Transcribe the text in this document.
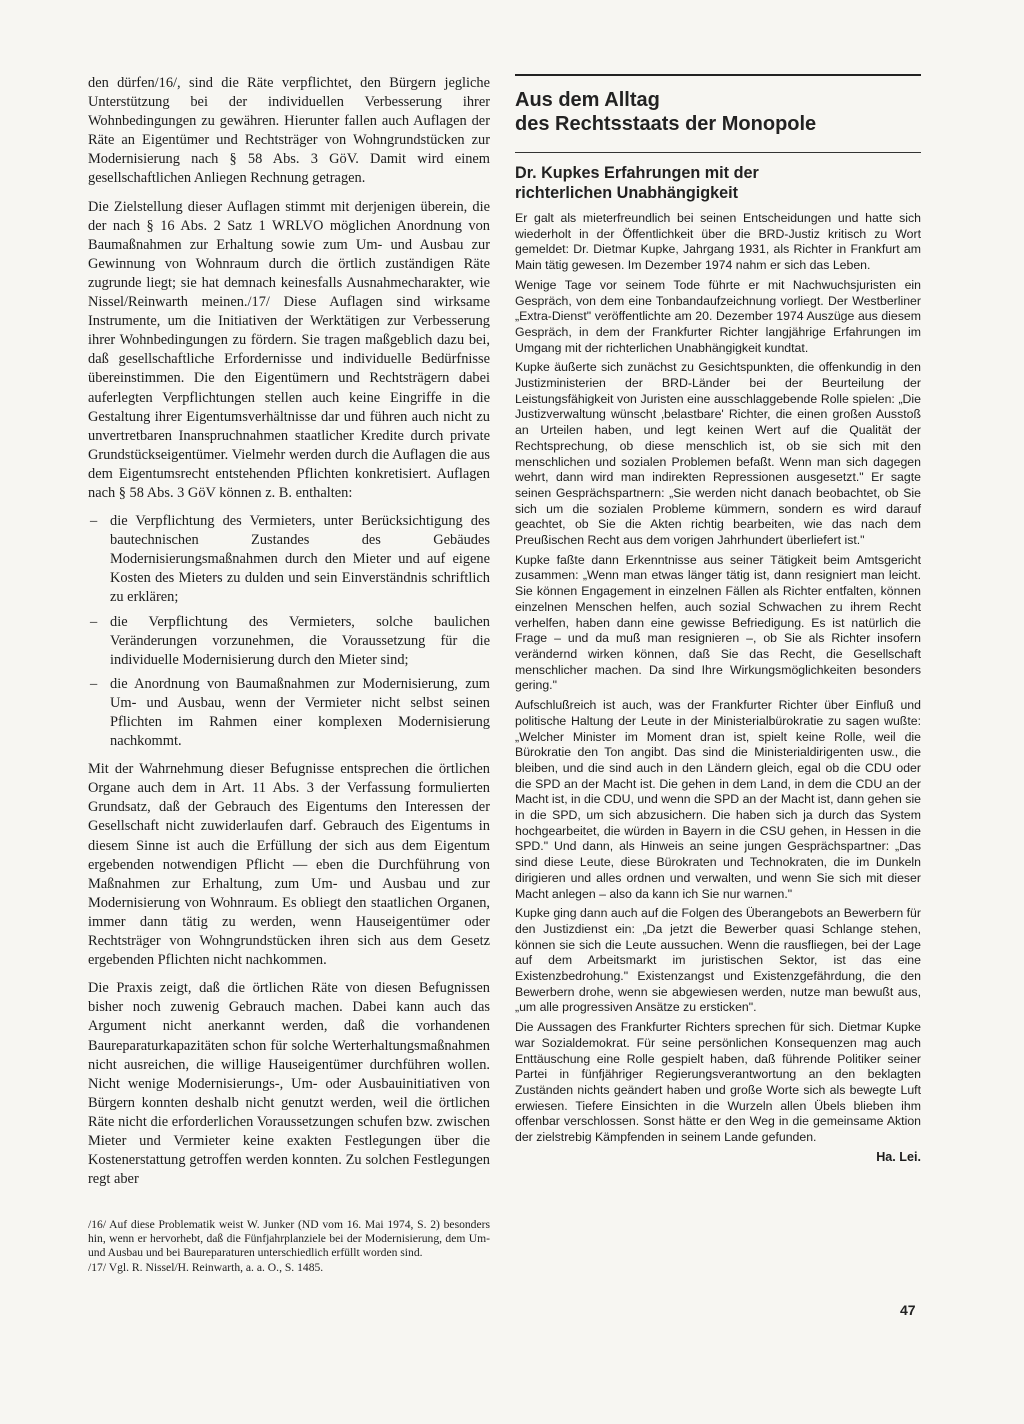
den dürfen/16/, sind die Räte verpflichtet, den Bürgern jegliche Unterstützung bei der individuellen Verbesserung ihrer Wohnbedingungen zu gewähren. Hierunter fallen auch Auflagen der Räte an Eigentümer und Rechtsträger von Wohngrundstücken zur Modernisierung nach § 58 Abs. 3 GöV. Damit wird einem gesellschaftlichen Anliegen Rechnung getragen.

Die Zielstellung dieser Auflagen stimmt mit derjenigen überein, die der nach § 16 Abs. 2 Satz 1 WRLVO möglichen Anordnung von Baumaßnahmen zur Erhaltung sowie zum Um- und Ausbau zur Gewinnung von Wohnraum durch die örtlich zuständigen Räte zugrunde liegt; sie hat demnach keinesfalls Ausnahmecharakter, wie Nissel/Reinwarth meinen./17/ Diese Auflagen sind wirksame Instrumente, um die Initiativen der Werktätigen zur Verbesserung ihrer Wohnbedingungen zu fördern. Sie tragen maßgeblich dazu bei, daß gesellschaftliche Erfordernisse und individuelle Bedürfnisse übereinstimmen. Die den Eigentümern und Rechtsträgern dabei auferlegten Verpflichtungen stellen auch keine Eingriffe in die Gestaltung ihrer Eigentumsverhältnisse dar und führen auch nicht zu unvertretbaren Inanspruchnahmen staatlicher Kredite durch private Grundstückseigentümer. Vielmehr werden durch die Auflagen die aus dem Eigentumsrecht entstehenden Pflichten konkretisiert. Auflagen nach § 58 Abs. 3 GöV können z. B. enthalten:

– die Verpflichtung des Vermieters, unter Berücksichtigung des bautechnischen Zustandes des Gebäudes Modernisierungsmaßnahmen durch den Mieter und auf eigene Kosten des Mieters zu dulden und sein Einverständnis schriftlich zu erklären;
– die Verpflichtung des Vermieters, solche baulichen Veränderungen vorzunehmen, die Voraussetzung für die individuelle Modernisierung durch den Mieter sind;
– die Anordnung von Baumaßnahmen zur Modernisierung, zum Um- und Ausbau, wenn der Vermieter nicht selbst seinen Pflichten im Rahmen einer komplexen Modernisierung nachkommt.

Mit der Wahrnehmung dieser Befugnisse entsprechen die örtlichen Organe auch dem in Art. 11 Abs. 3 der Verfassung formulierten Grundsatz, daß der Gebrauch des Eigentums den Interessen der Gesellschaft nicht zuwiderlaufen darf. Gebrauch des Eigentums in diesem Sinne ist auch die Erfüllung der sich aus dem Eigentum ergebenden notwendigen Pflicht — eben die Durchführung von Maßnahmen zur Erhaltung, zum Um- und Ausbau und zur Modernisierung von Wohnraum. Es obliegt den staatlichen Organen, immer dann tätig zu werden, wenn Hauseigentümer oder Rechtsträger von Wohngrundstücken ihren sich aus dem Gesetz ergebenden Pflichten nicht nachkommen.

Die Praxis zeigt, daß die örtlichen Räte von diesen Befugnissen bisher noch zuwenig Gebrauch machen. Dabei kann auch das Argument nicht anerkannt werden, daß die vorhandenen Baureparaturkapazitäten schon für solche Werterhaltungsmaßnahmen nicht ausreichen, die willige Hauseigentümer durchführen wollen. Nicht wenige Modernisierungs-, Um- oder Ausbauinitiativen von Bürgern konnten deshalb nicht genutzt werden, weil die örtlichen Räte nicht die erforderlichen Voraussetzungen schufen bzw. zwischen Mieter und Vermieter keine exakten Festlegungen über die Kostenerstattung getroffen werden konnten. Zu solchen Festlegungen regt aber

/16/ Auf diese Problematik weist W. Junker (ND vom 16. Mai 1974, S. 2) besonders hin, wenn er hervorhebt, daß die Fünfjahrplanziele bei der Modernisierung, dem Um- und Ausbau und bei Baureparaturen unterschiedlich erfüllt worden sind.

/17/ Vgl. R. Nissel/H. Reinwarth, a. a. O., S. 1485.

Aus dem Alltag
des Rechtsstaats der Monopole
Dr. Kupkes Erfahrungen mit der
richterlichen Unabhängigkeit

Er galt als mieterfreundlich bei seinen Entscheidungen und hatte sich wiederholt in der Öffentlichkeit über die BRD-Justiz kritisch zu Wort gemeldet: Dr. Dietmar Kupke, Jahrgang 1931, als Richter in Frankfurt am Main tätig gewesen. Im Dezember 1974 nahm er sich das Leben.

Wenige Tage vor seinem Tode führte er mit Nachwuchsjuristen ein Gespräch, von dem eine Tonbandaufzeichnung vorliegt. Der Westberliner „Extra-Dienst" veröffentlichte am 20. Dezember 1974 Auszüge aus diesem Gespräch, in dem der Frankfurter Richter langjährige Erfahrungen im Umgang mit der richterlichen Unabhängigkeit kundtat.

Kupke äußerte sich zunächst zu Gesichtspunkten, die offenkundig in den Justizministerien der BRD-Länder bei der Beurteilung der Leistungsfähigkeit von Juristen eine ausschlaggebende Rolle spielen: „Die Justizverwaltung wünscht ‚belastbare' Richter, die einen großen Ausstoß an Urteilen haben, und legt keinen Wert auf die Qualität der Rechtsprechung, ob diese menschlich ist, ob sie sich mit den menschlichen und sozialen Problemen befaßt. Wenn man sich dagegen wehrt, dann wird man indirekten Repressionen ausgesetzt." Er sagte seinen Gesprächspartnern: „Sie werden nicht danach beobachtet, ob Sie sich um die sozialen Probleme kümmern, sondern es wird darauf geachtet, ob Sie die Akten richtig bearbeiten, wie das nach dem Preußischen Recht aus dem vorigen Jahrhundert überliefert ist."

Kupke faßte dann Erkenntnisse aus seiner Tätigkeit beim Amtsgericht zusammen: „Wenn man etwas länger tätig ist, dann resigniert man leicht. Sie können Engagement in einzelnen Fällen als Richter entfalten, können einzelnen Menschen helfen, auch sozial Schwachen zu ihrem Recht verhelfen, haben dann eine gewisse Befriedigung. Es ist natürlich die Frage – und da muß man resignieren –, ob Sie als Richter insofern verändernd wirken können, daß Sie das Recht, die Gesellschaft menschlicher machen. Da sind Ihre Wirkungsmöglichkeiten besonders gering."

Aufschlußreich ist auch, was der Frankfurter Richter über Einfluß und politische Haltung der Leute in der Ministerialbürokratie zu sagen wußte: „Welcher Minister im Moment dran ist, spielt keine Rolle, weil die Bürokratie den Ton angibt. Das sind die Ministerialdirigenten usw., die bleiben, und die sind auch in den Ländern gleich, egal ob die CDU oder die SPD an der Macht ist. Die gehen in dem Land, in dem die CDU an der Macht ist, in die CDU, und wenn die SPD an der Macht ist, dann gehen sie in die SPD, um sich abzusichern. Die haben sich ja durch das System hochgearbeitet, die würden in Bayern in die CSU gehen, in Hessen in die SPD." Und dann, als Hinweis an seine jungen Gesprächspartner: „Das sind diese Leute, diese Bürokraten und Technokraten, die im Dunkeln dirigieren und alles ordnen und verwalten, und wenn Sie sich mit dieser Macht anlegen – also da kann ich Sie nur warnen."

Kupke ging dann auch auf die Folgen des Überangebots an Bewerbern für den Justizdienst ein: „Da jetzt die Bewerber quasi Schlange stehen, können sie sich die Leute aussuchen. Wenn die rausfliegen, bei der Lage auf dem Arbeitsmarkt im juristischen Sektor, ist das eine Existenzbedrohung." Existenzangst und Existenzgefährdung, die den Bewerbern drohe, wenn sie abgewiesen werden, nutze man bewußt aus, „um alle progressiven Ansätze zu ersticken".

Die Aussagen des Frankfurter Richters sprechen für sich. Dietmar Kupke war Sozialdemokrat. Für seine persönlichen Konsequenzen mag auch Enttäuschung eine Rolle gespielt haben, daß führende Politiker seiner Partei in fünfjähriger Regierungsverantwortung an den beklagten Zuständen nichts geändert haben und große Worte sich als bewegte Luft erwiesen. Tiefere Einsichten in die Wurzeln allen Übels blieben ihm offenbar verschlossen. Sonst hätte er den Weg in die gemeinsame Aktion der zielstrebig Kämpfenden in seinem Lande gefunden.

Ha. Lei.
47
